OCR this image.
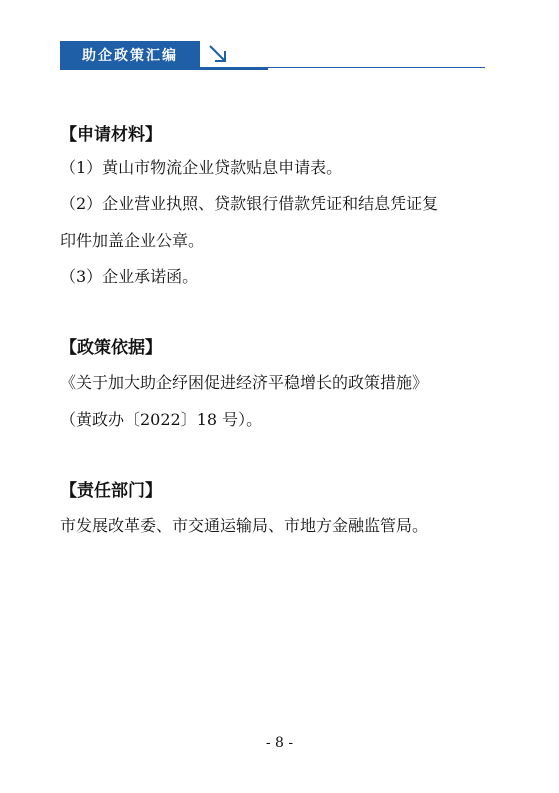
助企政策汇编
【申请材料】
（1）黄山市物流企业贷款贴息申请表。
（2）企业营业执照、贷款银行借款凭证和结息凭证复
印件加盖企业公章。
（3）企业承诺函。
【政策依据】
《关于加大助企纾困促进经济平稳增长的政策措施》
（黄政办〔2022〕18 号）。
【责任部门】
市发展改革委、市交通运输局、市地方金融监管局。
- 8 -
